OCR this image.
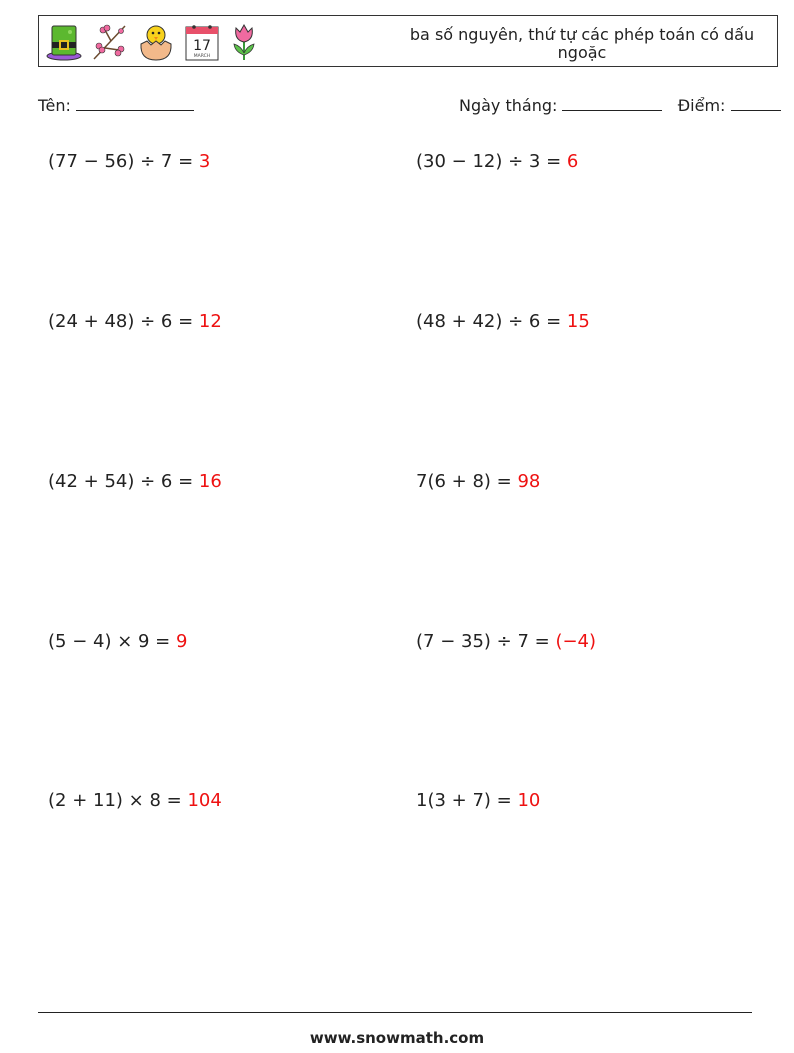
17
MARCH
ba số nguyên, thứ tự các phép toán có dấu ngoặc
Tên:	Ngày tháng:	Điểm:
(77 − 56) ÷ 7 = 3	(30 − 12) ÷ 3 = 6
(24 + 48) ÷ 6 = 12	(48 + 42) ÷ 6 = 15
(42 + 54) ÷ 6 = 16	7(6 + 8) = 98
(5 − 4) × 9 = 9	(7 − 35) ÷ 7 = (−4)
(2 + 11) × 8 = 104	1(3 + 7) = 10
www.snowmath.com
